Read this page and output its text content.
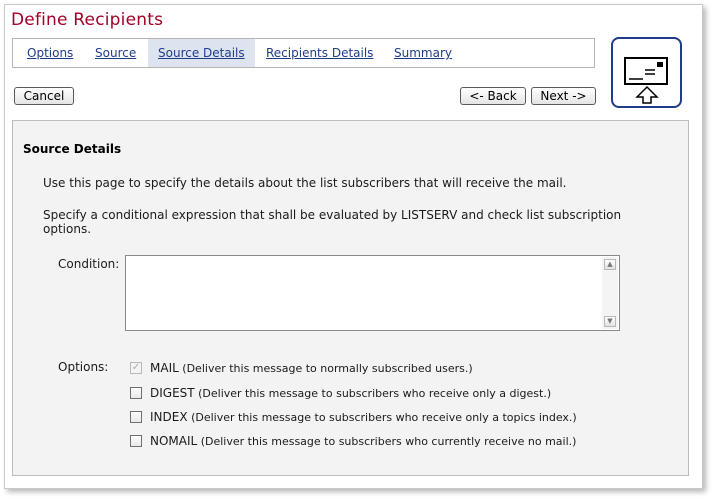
Define Recipients
Options Source	Source Details	Recipients Details Summary
Cancel	<- Back	Next ->
Source Details
Use this page to specify the details about the list subscribers that will receive the mail.
Specify a conditional expression that shall be evaluated by LISTSERV and check list subscription options.
Condition:	▲
▼
Options: ✓ MAIL (Deliver this message to normally subscribed users.)
DIGEST (Deliver this message to subscribers who receive only a digest.)
INDEX (Deliver this message to subscribers who receive only a topics index.)
NOMAIL (Deliver this message to subscribers who currently receive no mail.)
